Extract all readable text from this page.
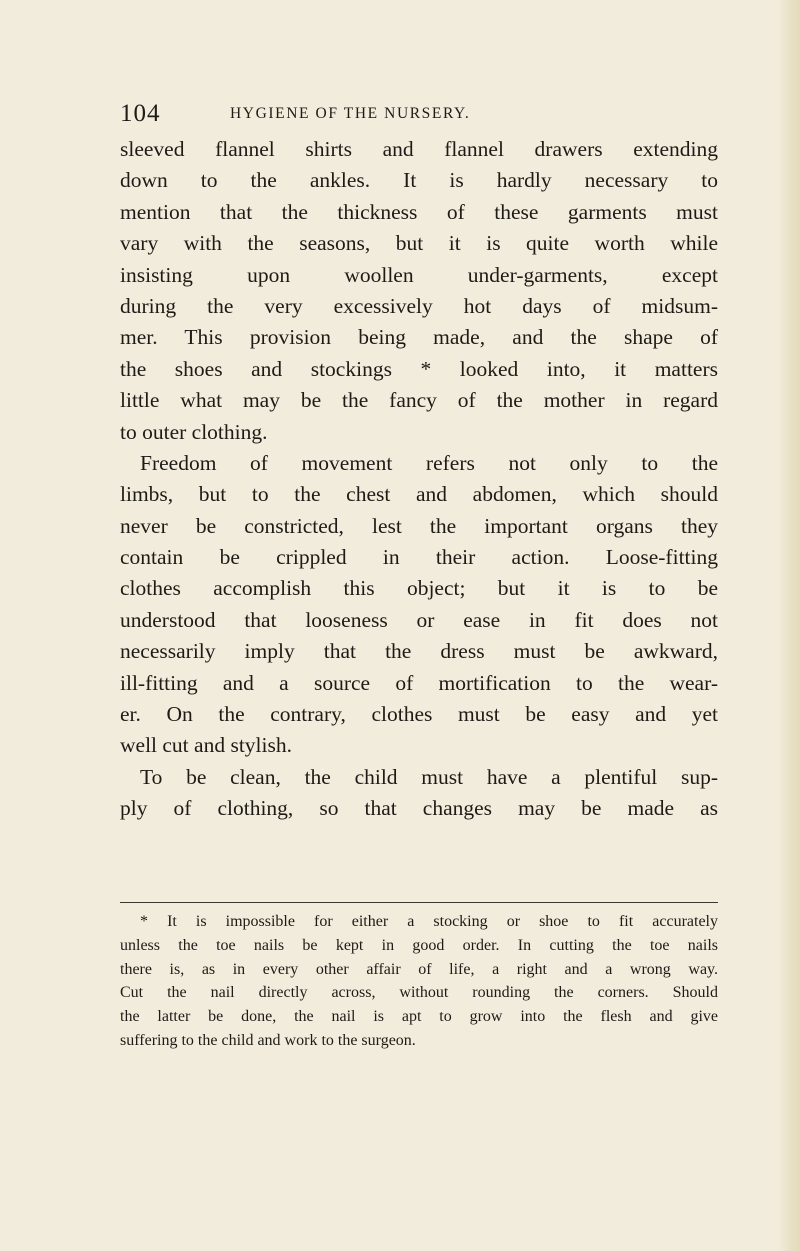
104	HYGIENE OF THE NURSERY.
sleeved flannel shirts and flannel drawers extending
down to the ankles. It is hardly necessary to
mention that the thickness of these garments must
vary with the seasons, but it is quite worth while
insisting upon woollen under-garments, except
during the very excessively hot days of midsum-
mer. This provision being made, and the shape of
the shoes and stockings * looked into, it matters
little what may be the fancy of the mother in regard
to outer clothing.
Freedom of movement refers not only to the
limbs, but to the chest and abdomen, which should
never be constricted, lest the important organs they
contain be crippled in their action. Loose-fitting
clothes accomplish this object; but it is to be
understood that looseness or ease in fit does not
necessarily imply that the dress must be awkward,
ill-fitting and a source of mortification to the wear-
er. On the contrary, clothes must be easy and yet
well cut and stylish.
To be clean, the child must have a plentiful sup-
ply of clothing, so that changes may be made as
* It is impossible for either a stocking or shoe to fit accurately
unless the toe nails be kept in good order. In cutting the toe nails
there is, as in every other affair of life, a right and a wrong way.
Cut the nail directly across, without rounding the corners. Should
the latter be done, the nail is apt to grow into the flesh and give
suffering to the child and work to the surgeon.
